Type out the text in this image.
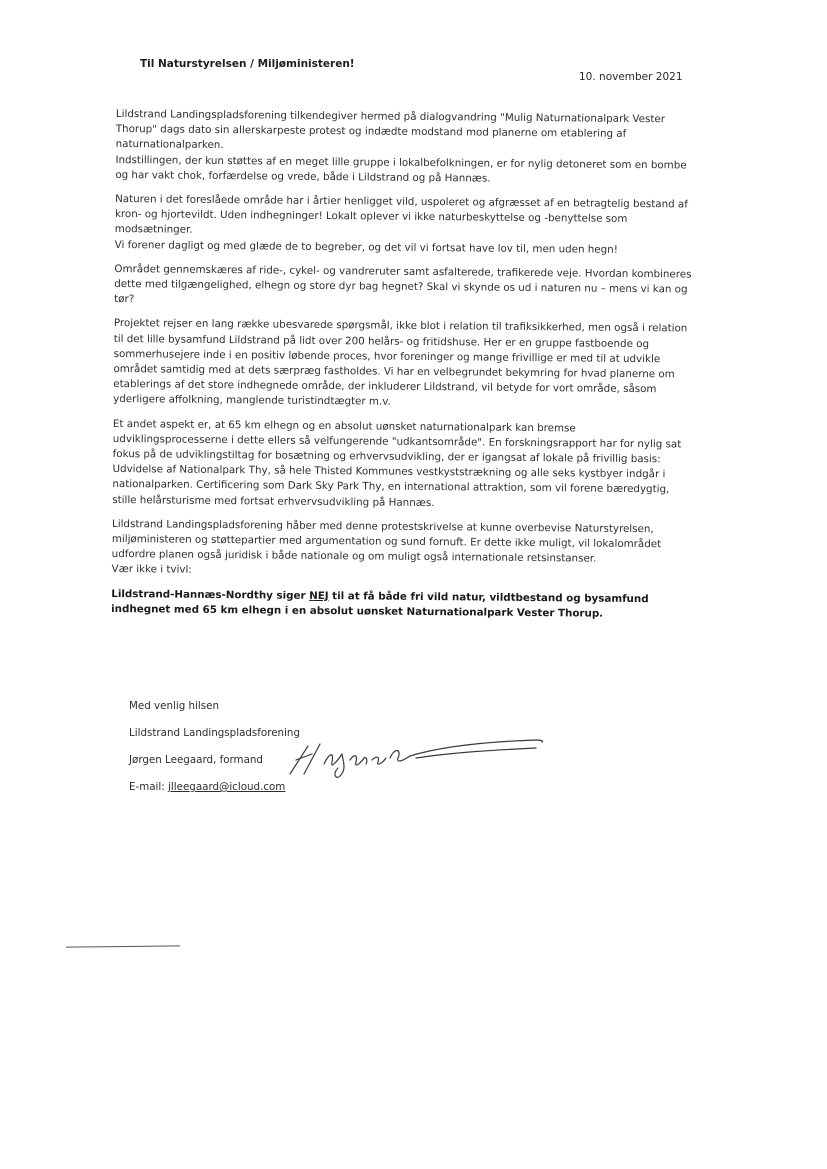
Til Naturstyrelsen / Miljøministeren!
10. november 2021

Lildstrand Landingspladsforening tilkendegiver hermed på dialogvandring "Mulig Naturnationalpark Vester Thorup" dags dato sin allerskarpeste protest og indædte modstand mod planerne om etablering af naturnationalparken.

Indstillingen, der kun støttes af en meget lille gruppe i lokalbefolkningen, er for nylig detoneret som en bombe og har vakt chok, forfærdelse og vrede, både i Lildstrand og på Hannæs.

Naturen i det foreslåede område har i årtier henligget vild, uspoleret og afgræsset af en betragtelig bestand af kron- og hjortevildt. Uden indhegninger! Lokalt oplever vi ikke naturbeskyttelse og -benyttelse som modsætninger.

Vi forener dagligt og med glæde de to begreber, og det vil vi fortsat have lov til, men uden hegn!

Området gennemskæres af ride-, cykel- og vandreruter samt asfalterede, trafikerede veje. Hvordan kombineres dette med tilgængelighed, elhegn og store dyr bag hegnet? Skal vi skynde os ud i naturen nu – mens vi kan og tør?

Projektet rejser en lang række ubesvarede spørgsmål, ikke blot i relation til trafiksikkerhed, men også i relation til det lille bysamfund Lildstrand på lidt over 200 helårs- og fritidshuse. Her er en gruppe fastboende og sommerhusejere inde i en positiv løbende proces, hvor foreninger og mange frivillige er med til at udvikle området samtidig med at dets særpræg fastholdes. Vi har en velbegrundet bekymring for hvad planerne om etablerings af det store indhegnede område, der inkluderer Lildstrand, vil betyde for vort område, såsom yderligere affolkning, manglende turistindtægter m.v.

Et andet aspekt er, at 65 km elhegn og en absolut uønsket naturnationalpark kan bremse udviklingsprocesserne i dette ellers så velfungerende "udkantsområde". En forskningsrapport har for nylig sat fokus på de udviklingstiltag for bosætning og erhvervsudvikling, der er igangsat af lokale på frivillig basis: Udvidelse af Nationalpark Thy, så hele Thisted Kommunes vestkyststrækning og alle seks kystbyer indgår i nationalparken. Certificering som Dark Sky Park Thy, en international attraktion, som vil forene bæredygtig, stille helårsturisme med fortsat erhvervsudvikling på Hannæs.

Lildstrand Landingspladsforening håber med denne protestskrivelse at kunne overbevise Naturstyrelsen, miljøministeren og støttepartier med argumentation og sund fornuft. Er dette ikke muligt, vil lokalområdet udfordre planen også juridisk i både nationale og om muligt også internationale retsinstanser.

Vær ikke i tvivl:

Lildstrand-Hannæs-Nordthy siger NEJ til at få både fri vild natur, vildtbestand og bysamfund indhegnet med 65 km elhegn i en absolut uønsket Naturnationalpark Vester Thorup.

Med venlig hilsen

Lildstrand Landingspladsforening

Jørgen Leegaard, formand

E-mail: jlleegaard@icloud.com
